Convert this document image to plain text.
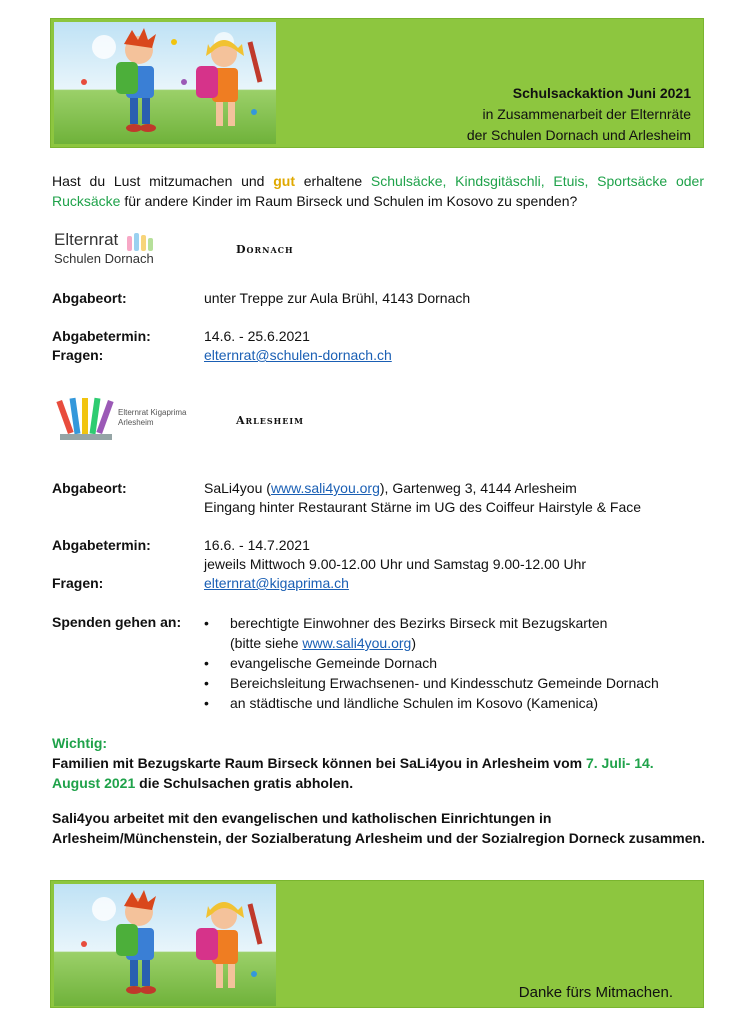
Schulsackaktion Juni 2021
in Zusammenarbeit der Elternräte
der Schulen Dornach und Arlesheim
Hast du Lust mitzumachen und gut erhaltene Schulsäcke, Kindsgitäschli, Etuis, Sportsäcke oder Rucksäcke für andere Kinder im Raum Birseck und Schulen im Kosovo zu spenden?
Elternrat
Schulen Dornach
Dornach
Abgabeort:	unter Treppe zur Aula Brühl, 4143 Dornach
Abgabetermin:	14.6. - 25.6.2021
Fragen:	elternrat@schulen-dornach.ch
Elternrat Kigaprima
Arlesheim	Arlesheim
Abgabeort:	SaLi4you (www.sali4you.org), Gartenweg 3, 4144 Arlesheim
Eingang hinter Restaurant Stärne im UG des Coiffeur Hairstyle & Face
Abgabetermin:	16.6. - 14.7.2021
jeweils Mittwoch 9.00-12.00 Uhr und Samstag 9.00-12.00 Uhr
Fragen:	elternrat@kigaprima.ch
Spenden gehen an:
•	berechtigte Einwohner des Bezirks Birseck mit Bezugskarten
(bitte siehe www.sali4you.org)
• evangelische Gemeinde Dornach
• Bereichsleitung Erwachsenen- und Kindesschutz Gemeinde Dornach
• an städtische und ländliche Schulen im Kosovo (Kamenica)
Wichtig:
Familien mit Bezugskarte Raum Birseck können bei SaLi4you in Arlesheim vom 7. Juli- 14. August 2021 die Schulsachen gratis abholen.
Sali4you arbeitet mit den evangelischen und katholischen Einrichtungen in Arlesheim/Münchenstein, der Sozialberatung Arlesheim und der Sozialregion Dorneck zusammen.
Danke fürs Mitmachen.
